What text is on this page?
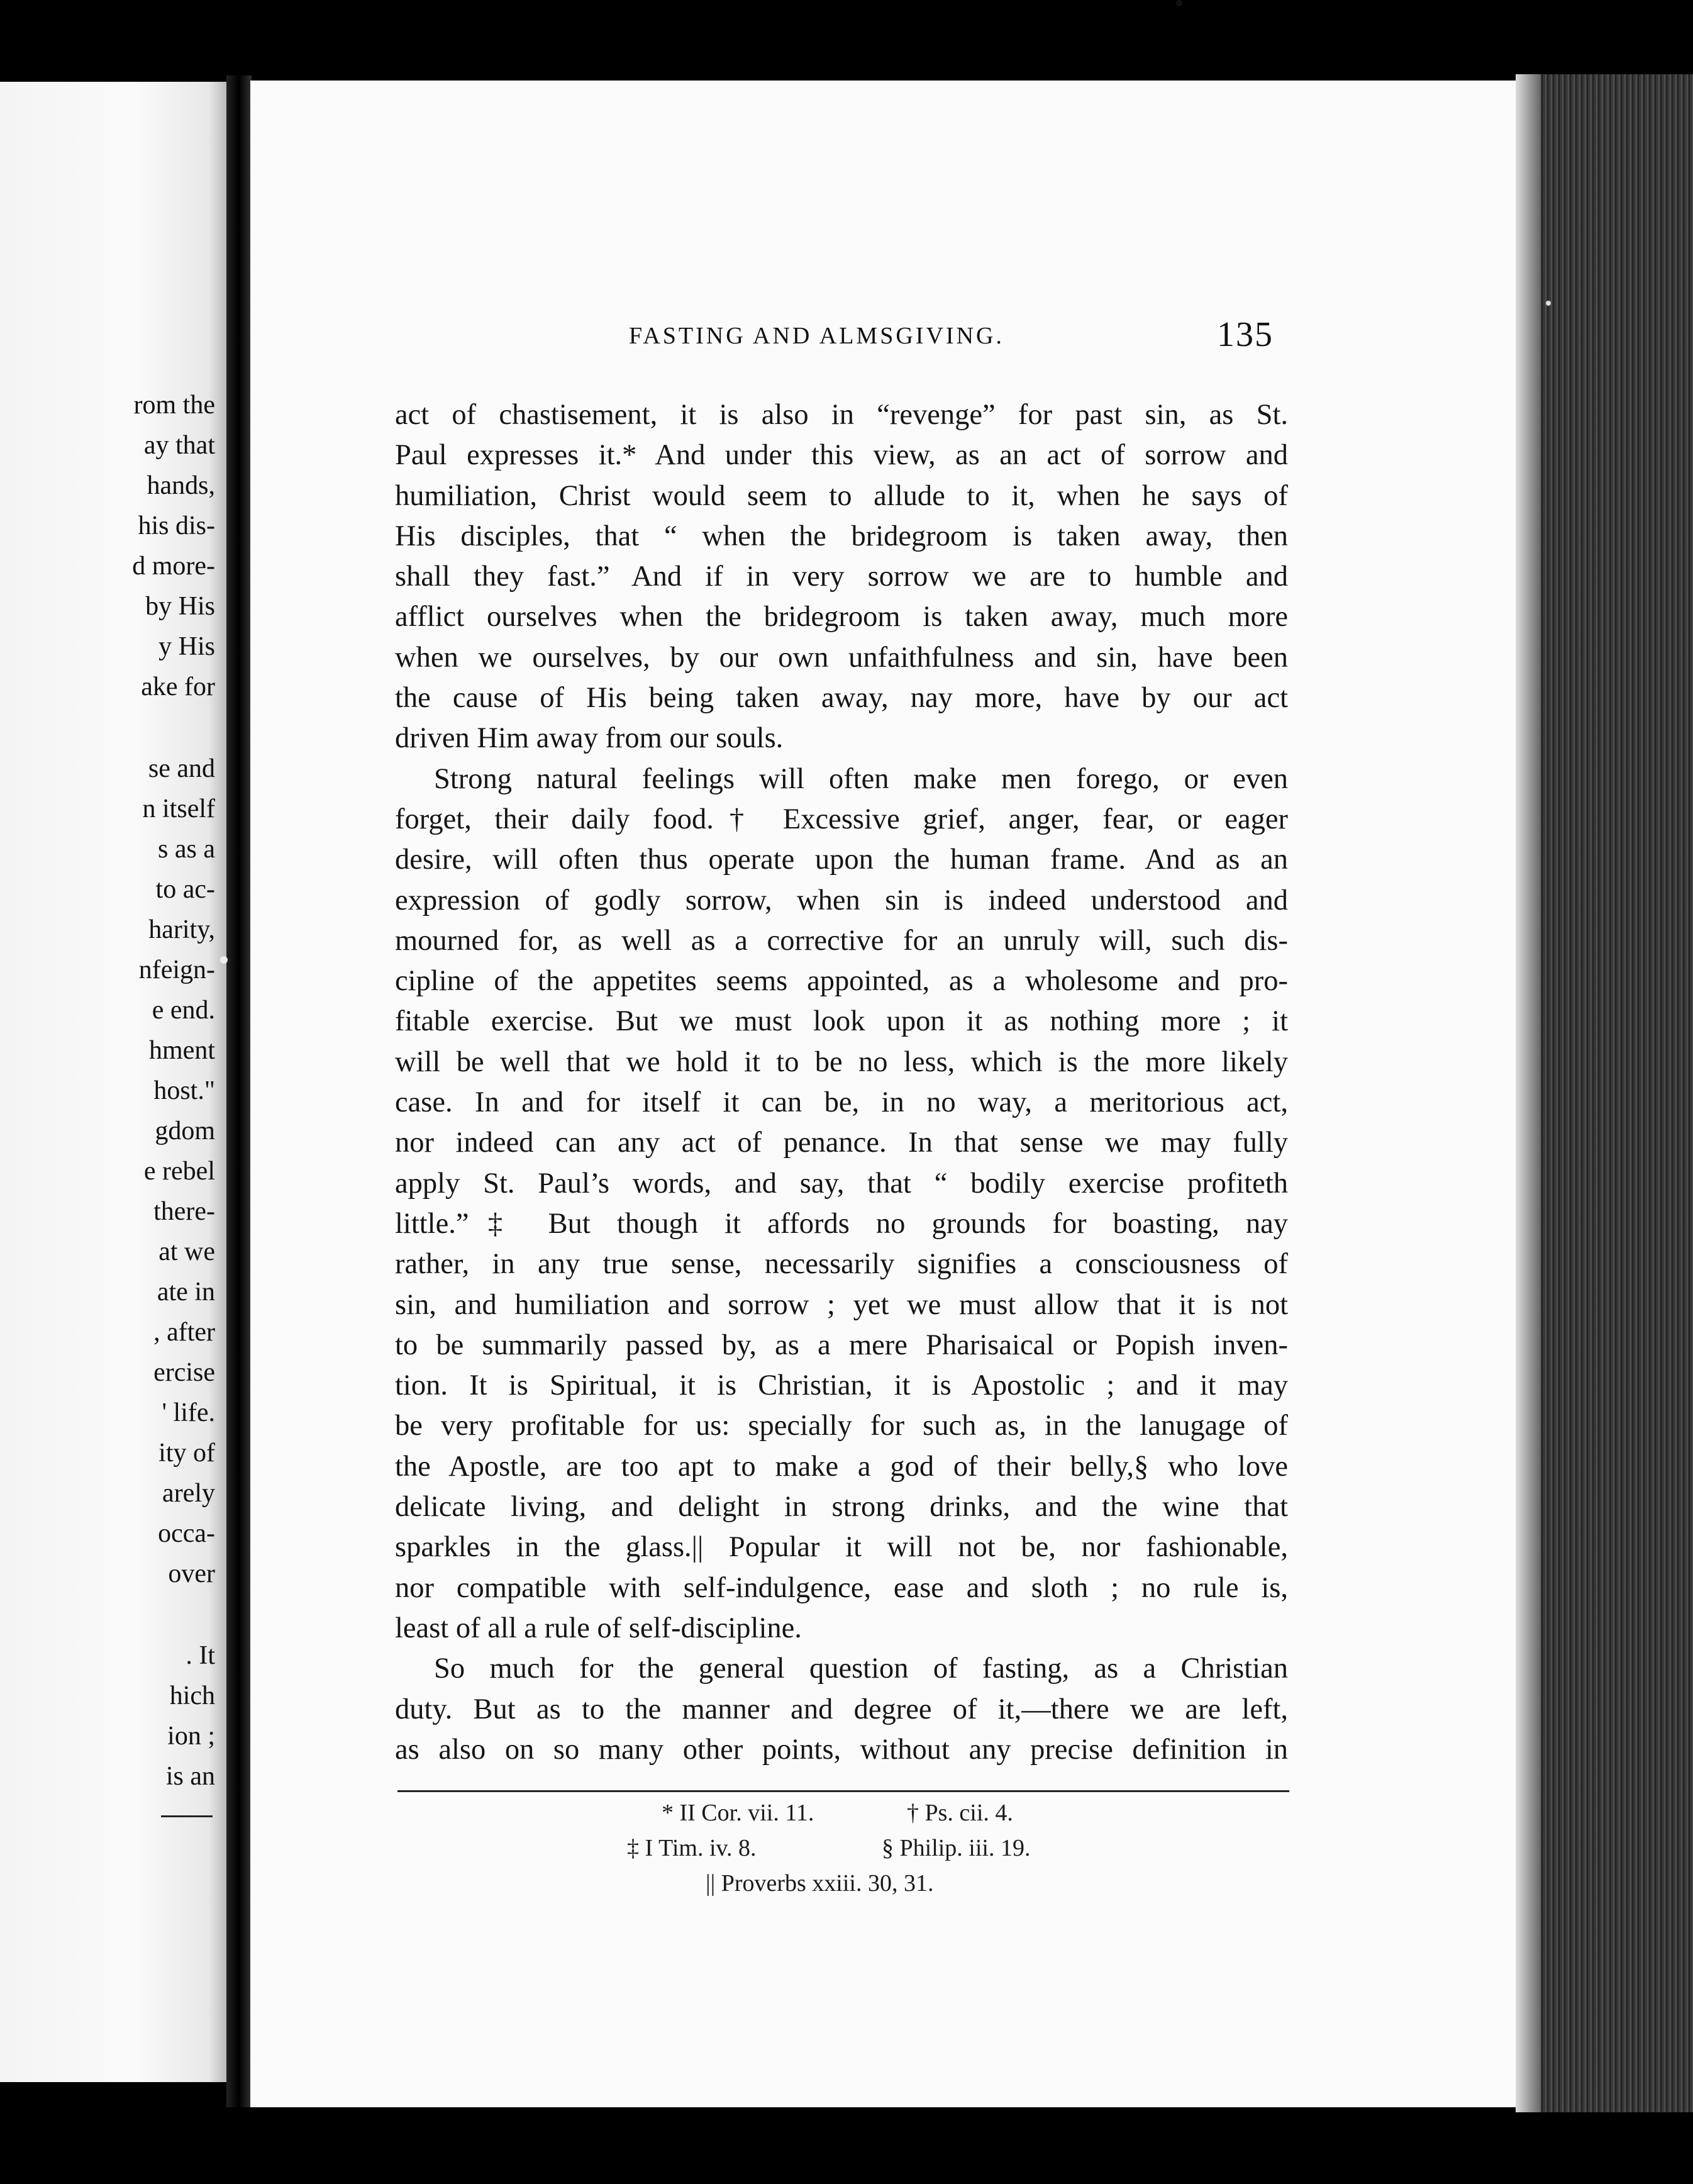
rom the
ay that
hands,
his dis-
d more-
by His
y His
ake for
se and
n itself
s as a
to ac-
harity,
nfeign-
e end.
hment
host."
gdom
e rebel
there-
at we
ate in
, after
ercise
' life.
ity of
arely
occa-
over
. It
hich
ion ;
is an
FASTING AND ALMSGIVING.	135
act of chastisement, it is also in “revenge” for past sin, as St.
Paul expresses it.* And under this view, as an act of sorrow and
humiliation, Christ would seem to allude to it, when he says of
His disciples, that “ when the bridegroom is taken away, then
shall they fast.” And if in very sorrow we are to humble and
afflict ourselves when the bridegroom is taken away, much more
when we ourselves, by our own unfaithfulness and sin, have been
the cause of His being taken away, nay more, have by our act
driven Him away from our souls.
Strong natural feelings will often make men forego, or even
forget, their daily food.† Excessive grief, anger, fear, or eager
desire, will often thus operate upon the human frame. And as an
expression of godly sorrow, when sin is indeed understood and
mourned for, as well as a corrective for an unruly will, such dis-
cipline of the appetites seems appointed, as a wholesome and pro-
fitable exercise. But we must look upon it as nothing more ; it
will be well that we hold it to be no less, which is the more likely
case. In and for itself it can be, in no way, a meritorious act,
nor indeed can any act of penance. In that sense we may fully
apply St. Paul’s words, and say, that “ bodily exercise profiteth
little.”‡ But though it affords no grounds for boasting, nay
rather, in any true sense, necessarily signifies a consciousness of
sin, and humiliation and sorrow ; yet we must allow that it is not
to be summarily passed by, as a mere Pharisaical or Popish inven-
tion. It is Spiritual, it is Christian, it is Apostolic ; and it may
be very profitable for us: specially for such as, in the lanugage of
the Apostle, are too apt to make a god of their belly,§ who love
delicate living, and delight in strong drinks, and the wine that
sparkles in the glass.|| Popular it will not be, nor fashionable,
nor compatible with self-indulgence, ease and sloth ; no rule is,
least of all a rule of self-discipline.
So much for the general question of fasting, as a Christian
duty. But as to the manner and degree of it,—there we are left,
as also on so many other points, without any precise definition in
* II Cor. vii. 11.	† Ps. cii. 4.
‡ I Tim. iv. 8.	§ Philip. iii. 19.
|| Proverbs xxiii. 30, 31.
